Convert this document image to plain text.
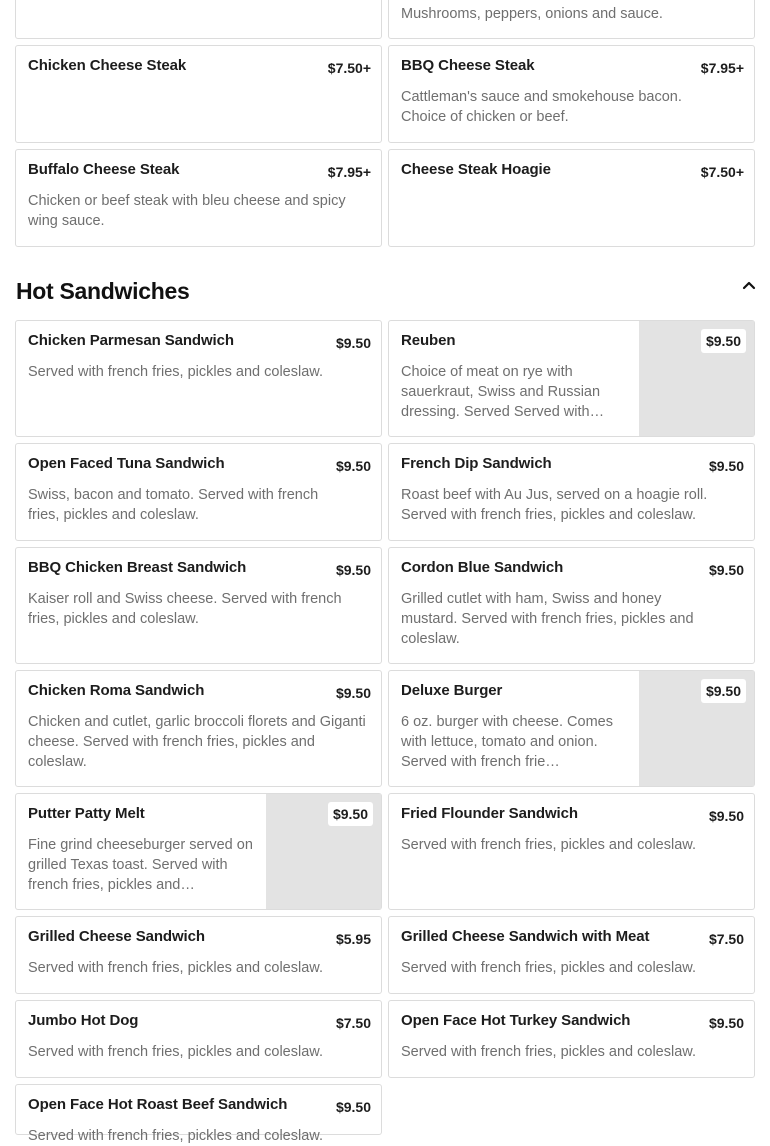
Mushrooms, peppers, onions and sauce.
Chicken Cheese Steak	$7.50+ BBQ Cheese Steak	$7.95+
Cattleman's sauce and smokehouse bacon. Choice of chicken or beef.
Buffalo Cheese Steak	$7.95+
Chicken or beef steak with bleu cheese and spicy wing sauce.
Cheese Steak Hoagie	$7.50+
Hot Sandwiches
Chicken Parmesan Sandwich	$9.50
Served with french fries, pickles and coleslaw.
Reuben
Choice of meat on rye with sauerkraut, Swiss and Russian dressing. Served Served with…
$9.50
Open Faced Tuna Sandwich	$9.50
Swiss, bacon and tomato. Served with french fries, pickles and coleslaw.
French Dip Sandwich	$9.50
Roast beef with Au Jus, served on a hoagie roll. Served with french fries, pickles and coleslaw.
BBQ Chicken Breast Sandwich	$9.50
Kaiser roll and Swiss cheese. Served with french fries, pickles and coleslaw.
Cordon Blue Sandwich	$9.50
Grilled cutlet with ham, Swiss and honey mustard. Served with french fries, pickles and coleslaw.
Chicken Roma Sandwich	$9.50
Chicken and cutlet, garlic broccoli florets and Giganti cheese. Served with french fries, pickles and coleslaw.
Deluxe Burger
6 oz. burger with cheese. Comes with lettuce, tomato and onion. Served with french frie…
$9.50
Putter Patty Melt
Fine grind cheeseburger served on grilled Texas toast. Served with french fries, pickles and…
$9.50	Fried Flounder Sandwich	$9.50
Served with french fries, pickles and coleslaw.
Grilled Cheese Sandwich	$5.95
Served with french fries, pickles and coleslaw.
Grilled Cheese Sandwich with Meat	$7.50
Served with french fries, pickles and coleslaw.
Jumbo Hot Dog	$7.50
Served with french fries, pickles and coleslaw.
Open Face Hot Turkey Sandwich	$9.50
Served with french fries, pickles and coleslaw.
Open Face Hot Roast Beef Sandwich	$9.50
Served with french fries, pickles and coleslaw.
